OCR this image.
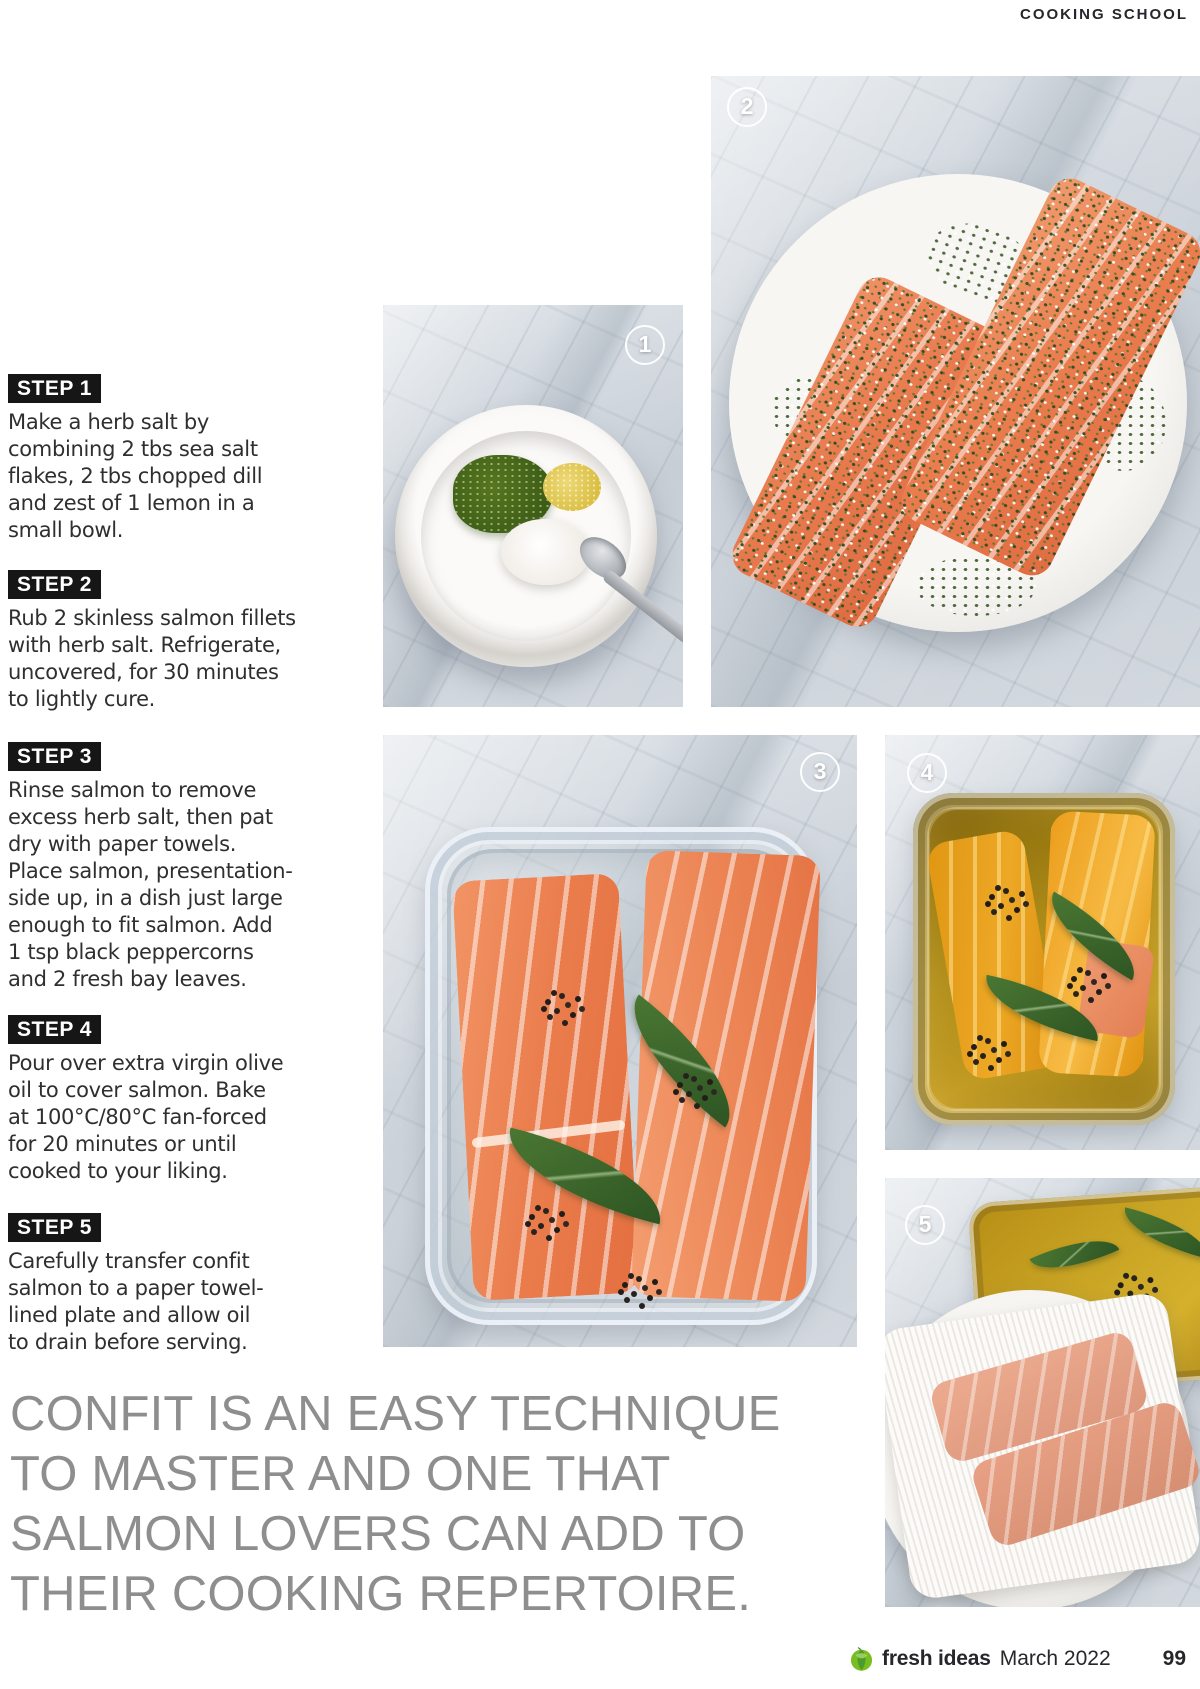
COOKING SCHOOL
STEP 1
Make a herb salt by
combining 2 tbs sea salt
flakes, 2 tbs chopped dill
and zest of 1 lemon in a
small bowl.
STEP 2
Rub 2 skinless salmon fillets
with herb salt. Refrigerate,
uncovered, for 30 minutes
to lightly cure.
STEP 3
Rinse salmon to remove
excess herb salt, then pat
dry with paper towels.
Place salmon, presentation-
side up, in a dish just large
enough to fit salmon. Add
1 tsp black peppercorns
and 2 fresh bay leaves.
STEP 4
Pour over extra virgin olive
oil to cover salmon. Bake
at 100°C/80°C fan-forced
for 20 minutes or until
cooked to your liking.
STEP 5
Carefully transfer confit
salmon to a paper towel-
lined plate and allow oil
to drain before serving.
1
2
3	4
5
CONFIT IS AN EASY TECHNIQUE
TO MASTER AND ONE THAT
SALMON LOVERS CAN ADD TO
THEIR COOKING REPERTOIRE.
fresh ideas March 2022 99
